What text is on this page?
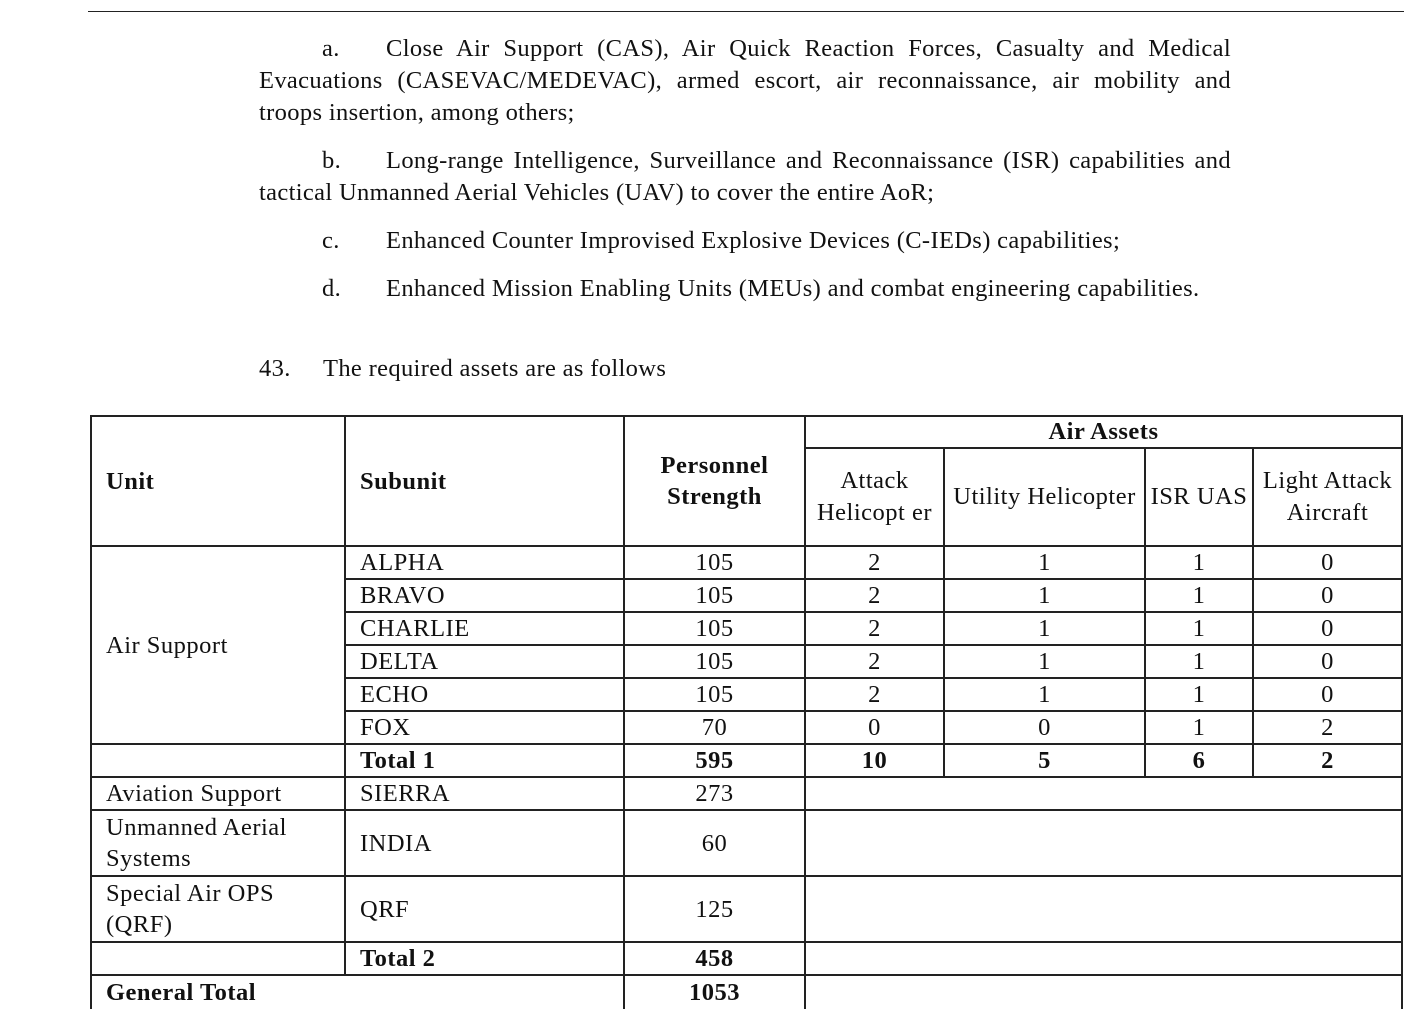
a. Close Air Support (CAS), Air Quick Reaction Forces, Casualty and Medical Evacuations (CASEVAC/MEDEVAC), armed escort, air reconnaissance, air mobility and troops insertion, among others;

b. Long-range Intelligence, Surveillance and Reconnaissance (ISR) capabilities and tactical Unmanned Aerial Vehicles (UAV) to cover the entire AoR;

c. Enhanced Counter Improvised Explosive Devices (C-IEDs) capabilities;

d. Enhanced Mission Enabling Units (MEUs) and combat engineering capabilities.

43. The required assets are as follows

Unit	Subunit	Personnel Strength	Air Assets			
			Attack Helicopt er	Utility Helicopter	ISR UAS	Light Attack Aircraft
Air Support	ALPHA	105	2	1	1	0
	BRAVO	105	2	1	1	0
	CHARLIE	105	2	1	1	0
	DELTA	105	2	1	1	0
	ECHO	105	2	1	1	0
	FOX	70	0	0	1	2
	Total 1	595	10	5	6	2
Aviation Support	SIERRA	273				
Unmanned Aerial Systems	INDIA	60				
Special Air OPS (QRF)	QRF	125				
	Total 2	458				
General Total		1053				
